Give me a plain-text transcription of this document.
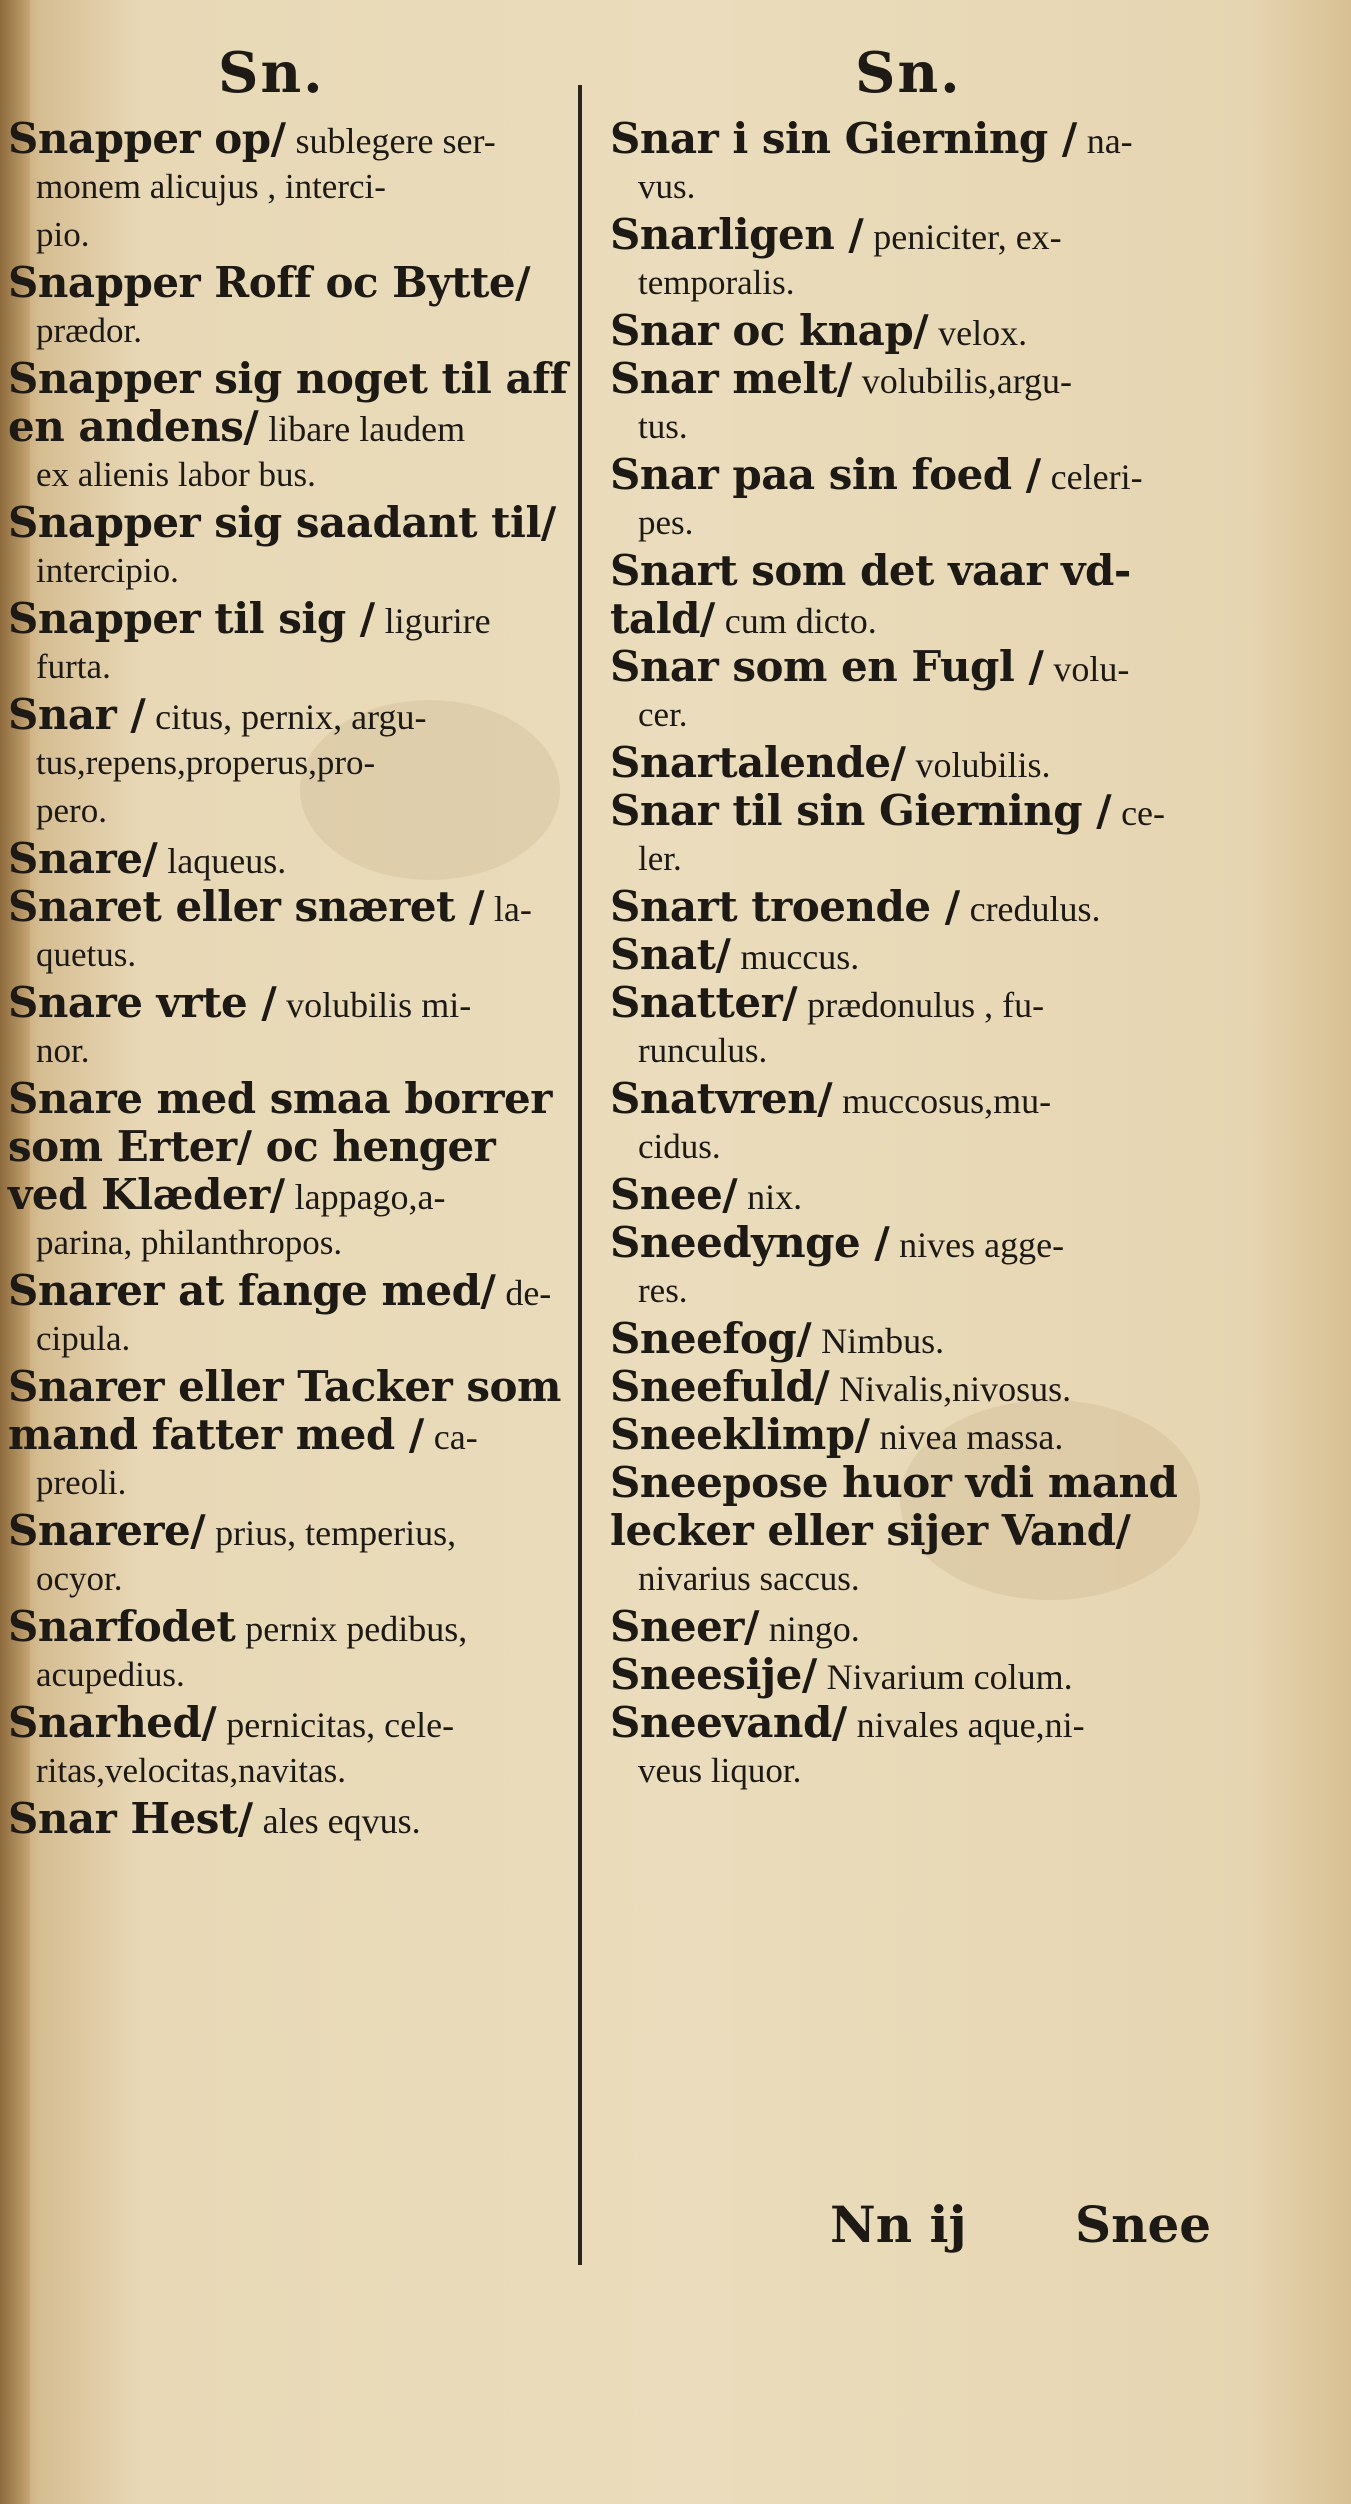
Sn.
Snapper op/ sublegere ser-
monem alicujus , interci-
pio.
Snapper Roff oc Bytte/
prædor.
Snapper sig noget til aff
en andens/ libare laudem
ex alienis labor bus.
Snapper sig saadant til/
intercipio.
Snapper til sig / ligurire
furta.
Snar / citus, pernix, argu-
tus,repens,properus,pro-
pero.
Snare/ laqueus.
Snaret eller snæret / la-
quetus.
Snare vrte / volubilis mi-
nor.
Snare med smaa borrer
som Erter/ oc henger
ved Klæder/ lappago,a-
parina, philanthropos.
Snarer at fange med/ de-
cipula.
Snarer eller Tacker som
mand fatter med / ca-
preoli.
Snarere/ prius, temperius,
ocyor.
Snarfodet pernix pedibus,
acupedius.
Snarhed/ pernicitas, cele-
ritas,velocitas,navitas.
Snar Hest/ ales eqvus.
Sn.
Snar i sin Gierning / na-
vus.
Snarligen / peniciter, ex-
temporalis.
Snar oc knap/ velox.
Snar melt/ volubilis,argu-
tus.
Snar paa sin foed / celeri-
pes.
Snart som det vaar vd-
tald/ cum dicto.
Snar som en Fugl / volu-
cer.
Snartalende/ volubilis.
Snar til sin Gierning / ce-
ler.
Snart troende / credulus.
Snat/ muccus.
Snatter/ prædonulus , fu-
runculus.
Snatvren/ muccosus,mu-
cidus.
Snee/ nix.
Sneedynge / nives agge-
res.
Sneefog/ Nimbus.
Sneefuld/ Nivalis,nivosus.
Sneeklimp/ nivea massa.
Sneepose huor vdi mand
lecker eller sijer Vand/
nivarius saccus.
Sneer/ ningo.
Sneesije/ Nivarium colum.
Sneevand/ nivales aque,ni-
veus liquor.
Nn ij Snee
